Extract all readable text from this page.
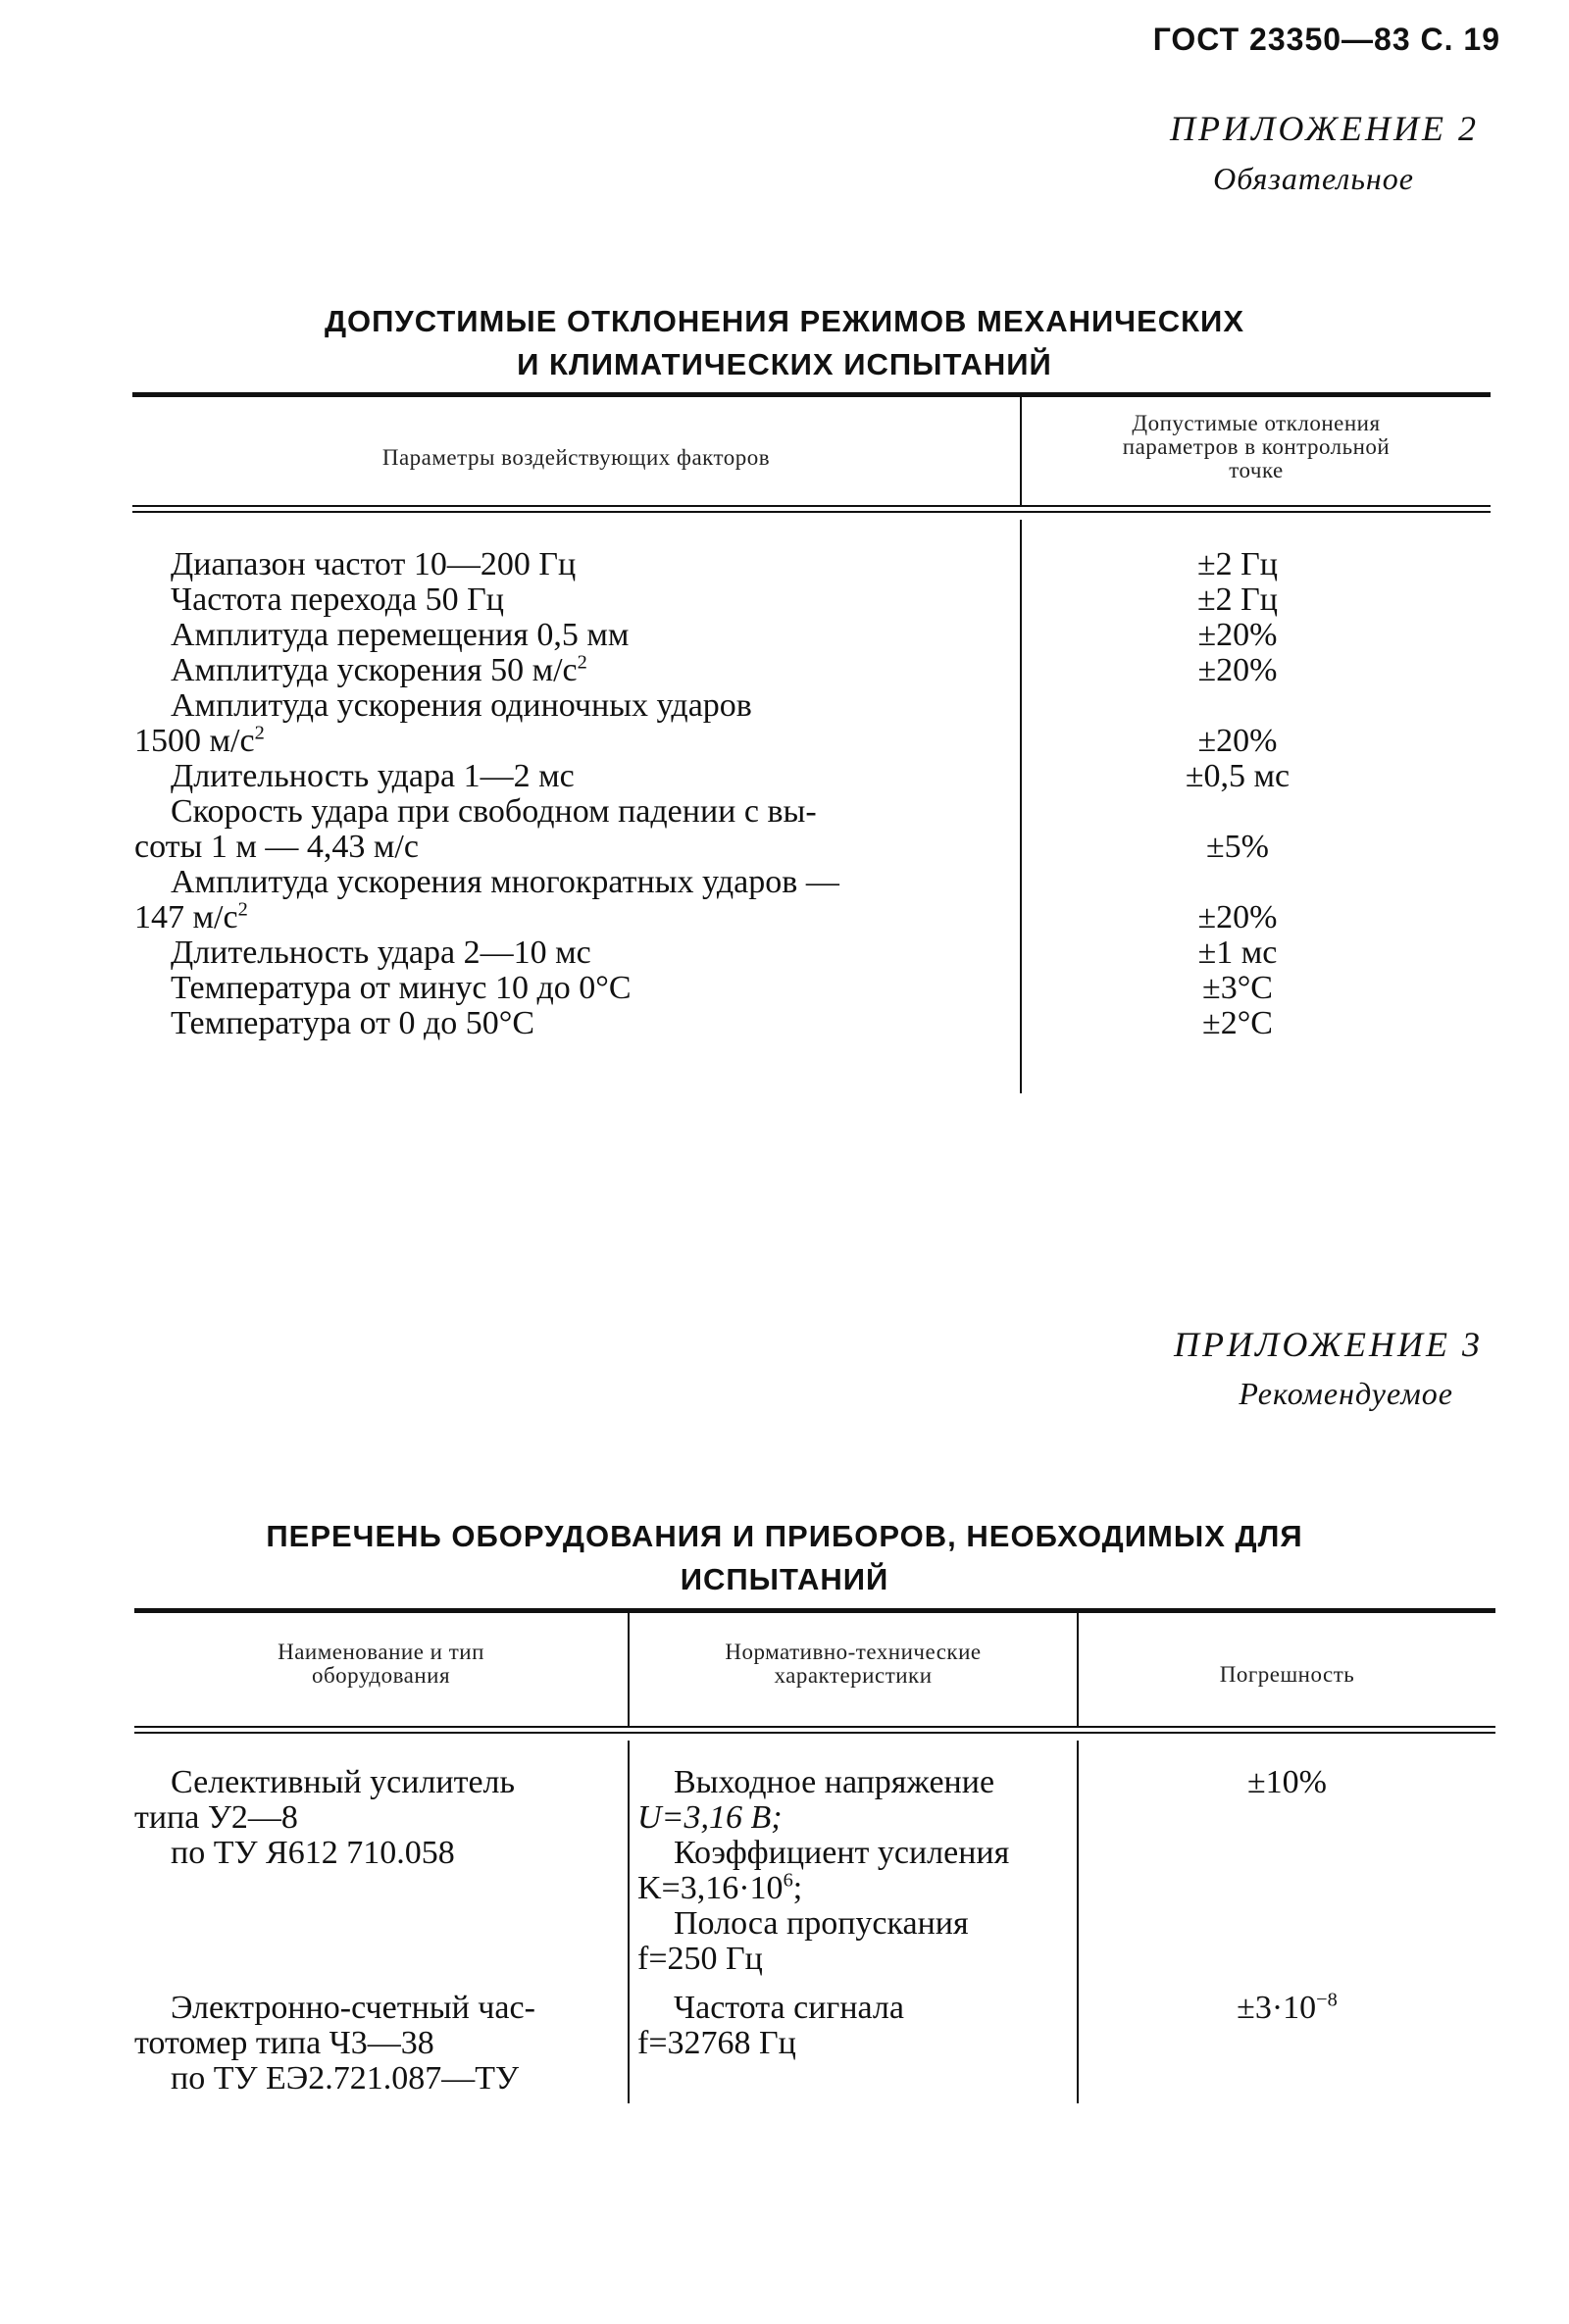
ГОСТ 23350—83 С. 19
ПРИЛОЖЕНИЕ 2
Обязательное
ДОПУСТИМЫЕ ОТКЛОНЕНИЯ РЕЖИМОВ МЕХАНИЧЕСКИХ
И КЛИМАТИЧЕСКИХ ИСПЫТАНИЙ
Параметры воздействующих факторов
Допустимые отклонения
параметров в контрольной
точке
Диапазон частот 10—200 Гц
Частота перехода 50 Гц
Амплитуда перемещения 0,5 мм
Амплитуда ускорения 50 $м/с^2$
Амплитуда ускорения одиночных ударов
1500 $м/с^2$
Длительность удара 1—2 мс
Скорость удара при свободном падении с вы-
соты 1 м — 4,43 м/с
Амплитуда ускорения многократных ударов —
147 $м/с^2$
Длительность удара 2—10 мс
Температура от минус 10 до 0°С
Температура от 0 до 50°С
±2 Гц
±2 Гц
±20%
±20%
±20%
±0,5 мс
±5%
±20%
±1 мс
±3°С
±2°С
ПРИЛОЖЕНИЕ 3
Рекомендуемое
ПЕРЕЧЕНЬ ОБОРУДОВАНИЯ И ПРИБОРОВ, НЕОБХОДИМЫХ ДЛЯ
ИСПЫТАНИЙ
Наименование и тип
оборудования
Нормативно-технические
характеристики	Погрешность
Селективный усилитель
типа У2—8
по ТУ Я612 710.058
Выходное напряжение
U=3,16 В;
Коэффициент усиления
$K=3,16\cdot 10^6$;
Полоса пропускания
f=250 Гц
±10%
Электронно-счетный час-
тотомер типа Ч3—38
по ТУ ЕЭ2.721.087—ТУ
Частота сигнала
f=32768 Гц
$\pm 3\cdot 10^{-8}$
